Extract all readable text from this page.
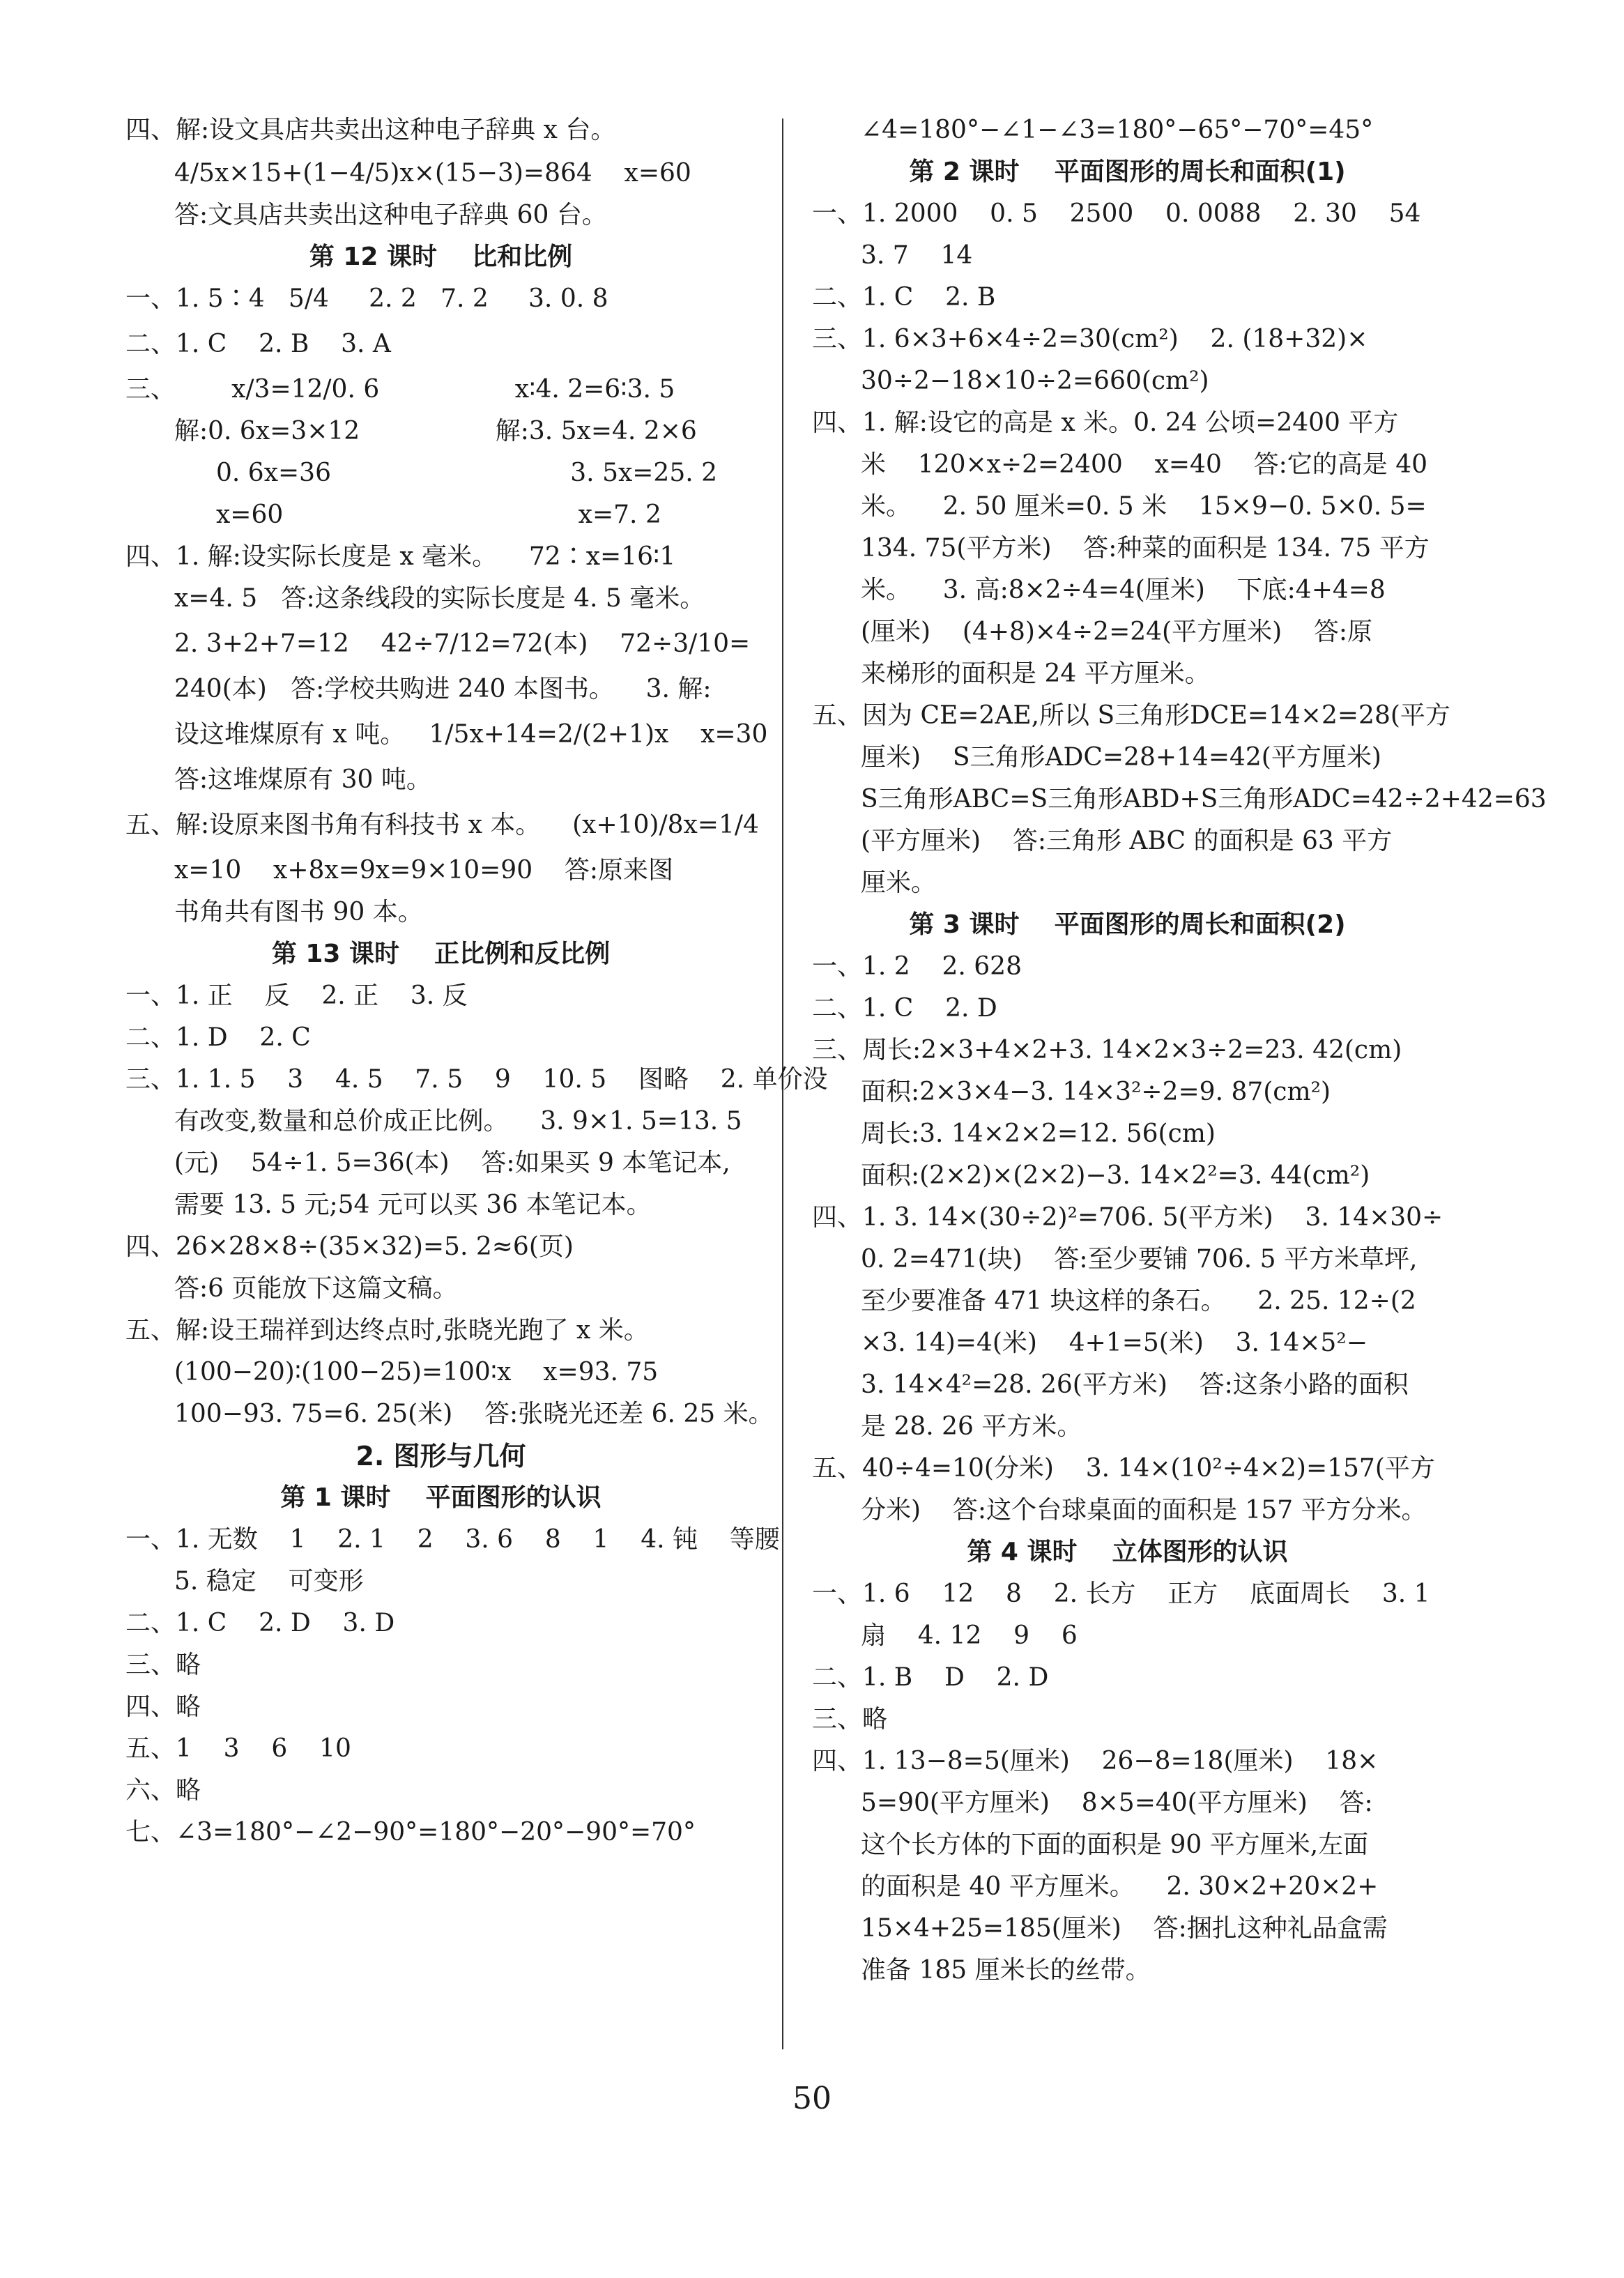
四、解:设文具店共卖出这种电子辞典 x 台。
4/5x×15+(1−4/5)x×(15−3)=864    x=60
答:文具店共卖出这种电子辞典 60 台。
第 12 课时    比和比例
一、1. 5∶4   5/4     2. 2   7. 2     3. 0. 8
二、1. C    2. B    3. A
三、       x/3=12/0. 6                 x∶4. 2=6∶3. 5
解:0. 6x=3×12                 解:3. 5x=4. 2×6
0. 6x=36                              3. 5x=25. 2
x=60                                     x=7. 2
四、1. 解:设实际长度是 x 毫米。    72∶x=16∶1
x=4. 5   答:这条线段的实际长度是 4. 5 毫米。
2. 3+2+7=12    42÷7/12=72(本)    72÷3/10=
240(本)   答:学校共购进 240 本图书。    3. 解:
设这堆煤原有 x 吨。   1/5x+14=2/(2+1)x    x=30
答:这堆煤原有 30 吨。
五、解:设原来图书角有科技书 x 本。    (x+10)/8x=1/4
x=10    x+8x=9x=9×10=90    答:原来图
书角共有图书 90 本。
第 13 课时    正比例和反比例
一、1. 正    反    2. 正    3. 反
二、1. D    2. C
三、1. 1. 5    3    4. 5    7. 5    9    10. 5    图略    2. 单价没
有改变,数量和总价成正比例。    3. 9×1. 5=13. 5
(元)    54÷1. 5=36(本)    答:如果买 9 本笔记本,
需要 13. 5 元;54 元可以买 36 本笔记本。
四、26×28×8÷(35×32)=5. 2≈6(页)
答:6 页能放下这篇文稿。
五、解:设王瑞祥到达终点时,张晓光跑了 x 米。
(100−20)∶(100−25)=100∶x    x=93. 75
100−93. 75=6. 25(米)    答:张晓光还差 6. 25 米。
2. 图形与几何
第 1 课时    平面图形的认识
一、1. 无数    1    2. 1    2    3. 6    8    1    4. 钝    等腰
5. 稳定    可变形
二、1. C    2. D    3. D
三、略
四、略
五、1    3    6    10
六、略
七、∠3=180°−∠2−90°=180°−20°−90°=70°
∠4=180°−∠1−∠3=180°−65°−70°=45°
第 2 课时    平面图形的周长和面积(1)
一、1. 2000    0. 5    2500    0. 0088    2. 30    54
3. 7    14
二、1. C    2. B
三、1. 6×3+6×4÷2=30(cm²)    2. (18+32)×
30÷2−18×10÷2=660(cm²)
四、1. 解:设它的高是 x 米。0. 24 公顷=2400 平方
米    120×x÷2=2400    x=40    答:它的高是 40
米。    2. 50 厘米=0. 5 米    15×9−0. 5×0. 5=
134. 75(平方米)    答:种菜的面积是 134. 75 平方
米。    3. 高:8×2÷4=4(厘米)    下底:4+4=8
(厘米)    (4+8)×4÷2=24(平方厘米)    答:原
来梯形的面积是 24 平方厘米。
五、因为 CE=2AE,所以 S三角形DCE=14×2=28(平方
厘米)    S三角形ADC=28+14=42(平方厘米)
S三角形ABC=S三角形ABD+S三角形ADC=42÷2+42=63
(平方厘米)    答:三角形 ABC 的面积是 63 平方
厘米。
第 3 课时    平面图形的周长和面积(2)
一、1. 2    2. 628
二、1. C    2. D
三、周长:2×3+4×2+3. 14×2×3÷2=23. 42(cm)
面积:2×3×4−3. 14×3²÷2=9. 87(cm²)
周长:3. 14×2×2=12. 56(cm)
面积:(2×2)×(2×2)−3. 14×2²=3. 44(cm²)
四、1. 3. 14×(30÷2)²=706. 5(平方米)    3. 14×30÷
0. 2=471(块)    答:至少要铺 706. 5 平方米草坪,
至少要准备 471 块这样的条石。    2. 25. 12÷(2
×3. 14)=4(米)    4+1=5(米)    3. 14×5²−
3. 14×4²=28. 26(平方米)    答:这条小路的面积
是 28. 26 平方米。
五、40÷4=10(分米)    3. 14×(10²÷4×2)=157(平方
分米)    答:这个台球桌面的面积是 157 平方分米。
第 4 课时    立体图形的认识
一、1. 6    12    8    2. 长方    正方    底面周长    3. 1
扇    4. 12    9    6
二、1. B    D    2. D
三、略
四、1. 13−8=5(厘米)    26−8=18(厘米)    18×
5=90(平方厘米)    8×5=40(平方厘米)    答:
这个长方体的下面的面积是 90 平方厘米,左面
的面积是 40 平方厘米。    2. 30×2+20×2+
15×4+25=185(厘米)    答:捆扎这种礼品盒需
准备 185 厘米长的丝带。
50
